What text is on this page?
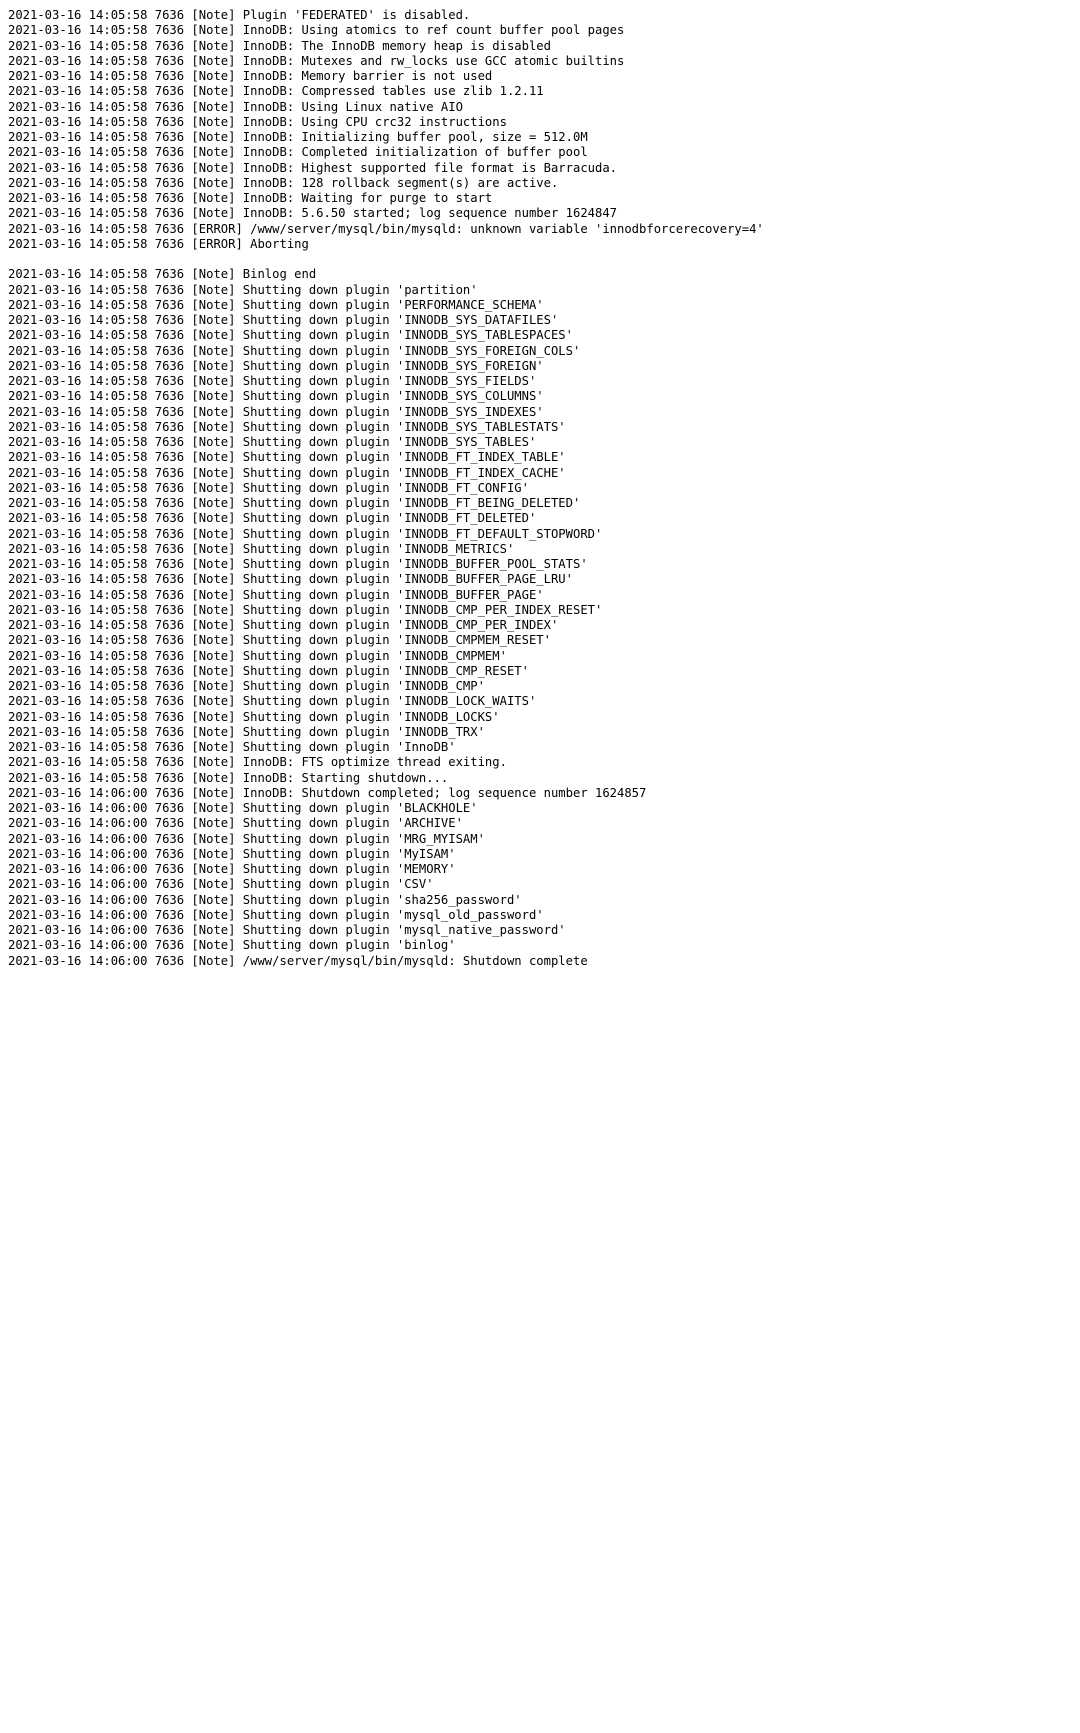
2021-03-16 14:05:58 7636 [Note] Plugin 'FEDERATED' is disabled.
2021-03-16 14:05:58 7636 [Note] InnoDB: Using atomics to ref count buffer pool pages
2021-03-16 14:05:58 7636 [Note] InnoDB: The InnoDB memory heap is disabled
2021-03-16 14:05:58 7636 [Note] InnoDB: Mutexes and rw_locks use GCC atomic builtins
2021-03-16 14:05:58 7636 [Note] InnoDB: Memory barrier is not used
2021-03-16 14:05:58 7636 [Note] InnoDB: Compressed tables use zlib 1.2.11
2021-03-16 14:05:58 7636 [Note] InnoDB: Using Linux native AIO
2021-03-16 14:05:58 7636 [Note] InnoDB: Using CPU crc32 instructions
2021-03-16 14:05:58 7636 [Note] InnoDB: Initializing buffer pool, size = 512.0M
2021-03-16 14:05:58 7636 [Note] InnoDB: Completed initialization of buffer pool
2021-03-16 14:05:58 7636 [Note] InnoDB: Highest supported file format is Barracuda.
2021-03-16 14:05:58 7636 [Note] InnoDB: 128 rollback segment(s) are active.
2021-03-16 14:05:58 7636 [Note] InnoDB: Waiting for purge to start
2021-03-16 14:05:58 7636 [Note] InnoDB: 5.6.50 started; log sequence number 1624847
2021-03-16 14:05:58 7636 [ERROR] /www/server/mysql/bin/mysqld: unknown variable 'innodbforcerecovery=4'
2021-03-16 14:05:58 7636 [ERROR] Aborting
2021-03-16 14:05:58 7636 [Note] Binlog end
2021-03-16 14:05:58 7636 [Note] Shutting down plugin 'partition'
2021-03-16 14:05:58 7636 [Note] Shutting down plugin 'PERFORMANCE_SCHEMA'
2021-03-16 14:05:58 7636 [Note] Shutting down plugin 'INNODB_SYS_DATAFILES'
2021-03-16 14:05:58 7636 [Note] Shutting down plugin 'INNODB_SYS_TABLESPACES'
2021-03-16 14:05:58 7636 [Note] Shutting down plugin 'INNODB_SYS_FOREIGN_COLS'
2021-03-16 14:05:58 7636 [Note] Shutting down plugin 'INNODB_SYS_FOREIGN'
2021-03-16 14:05:58 7636 [Note] Shutting down plugin 'INNODB_SYS_FIELDS'
2021-03-16 14:05:58 7636 [Note] Shutting down plugin 'INNODB_SYS_COLUMNS'
2021-03-16 14:05:58 7636 [Note] Shutting down plugin 'INNODB_SYS_INDEXES'
2021-03-16 14:05:58 7636 [Note] Shutting down plugin 'INNODB_SYS_TABLESTATS'
2021-03-16 14:05:58 7636 [Note] Shutting down plugin 'INNODB_SYS_TABLES'
2021-03-16 14:05:58 7636 [Note] Shutting down plugin 'INNODB_FT_INDEX_TABLE'
2021-03-16 14:05:58 7636 [Note] Shutting down plugin 'INNODB_FT_INDEX_CACHE'
2021-03-16 14:05:58 7636 [Note] Shutting down plugin 'INNODB_FT_CONFIG'
2021-03-16 14:05:58 7636 [Note] Shutting down plugin 'INNODB_FT_BEING_DELETED'
2021-03-16 14:05:58 7636 [Note] Shutting down plugin 'INNODB_FT_DELETED'
2021-03-16 14:05:58 7636 [Note] Shutting down plugin 'INNODB_FT_DEFAULT_STOPWORD'
2021-03-16 14:05:58 7636 [Note] Shutting down plugin 'INNODB_METRICS'
2021-03-16 14:05:58 7636 [Note] Shutting down plugin 'INNODB_BUFFER_POOL_STATS'
2021-03-16 14:05:58 7636 [Note] Shutting down plugin 'INNODB_BUFFER_PAGE_LRU'
2021-03-16 14:05:58 7636 [Note] Shutting down plugin 'INNODB_BUFFER_PAGE'
2021-03-16 14:05:58 7636 [Note] Shutting down plugin 'INNODB_CMP_PER_INDEX_RESET'
2021-03-16 14:05:58 7636 [Note] Shutting down plugin 'INNODB_CMP_PER_INDEX'
2021-03-16 14:05:58 7636 [Note] Shutting down plugin 'INNODB_CMPMEM_RESET'
2021-03-16 14:05:58 7636 [Note] Shutting down plugin 'INNODB_CMPMEM'
2021-03-16 14:05:58 7636 [Note] Shutting down plugin 'INNODB_CMP_RESET'
2021-03-16 14:05:58 7636 [Note] Shutting down plugin 'INNODB_CMP'
2021-03-16 14:05:58 7636 [Note] Shutting down plugin 'INNODB_LOCK_WAITS'
2021-03-16 14:05:58 7636 [Note] Shutting down plugin 'INNODB_LOCKS'
2021-03-16 14:05:58 7636 [Note] Shutting down plugin 'INNODB_TRX'
2021-03-16 14:05:58 7636 [Note] Shutting down plugin 'InnoDB'
2021-03-16 14:05:58 7636 [Note] InnoDB: FTS optimize thread exiting.
2021-03-16 14:05:58 7636 [Note] InnoDB: Starting shutdown...
2021-03-16 14:06:00 7636 [Note] InnoDB: Shutdown completed; log sequence number 1624857
2021-03-16 14:06:00 7636 [Note] Shutting down plugin 'BLACKHOLE'
2021-03-16 14:06:00 7636 [Note] Shutting down plugin 'ARCHIVE'
2021-03-16 14:06:00 7636 [Note] Shutting down plugin 'MRG_MYISAM'
2021-03-16 14:06:00 7636 [Note] Shutting down plugin 'MyISAM'
2021-03-16 14:06:00 7636 [Note] Shutting down plugin 'MEMORY'
2021-03-16 14:06:00 7636 [Note] Shutting down plugin 'CSV'
2021-03-16 14:06:00 7636 [Note] Shutting down plugin 'sha256_password'
2021-03-16 14:06:00 7636 [Note] Shutting down plugin 'mysql_old_password'
2021-03-16 14:06:00 7636 [Note] Shutting down plugin 'mysql_native_password'
2021-03-16 14:06:00 7636 [Note] Shutting down plugin 'binlog'
2021-03-16 14:06:00 7636 [Note] /www/server/mysql/bin/mysqld: Shutdown complete
